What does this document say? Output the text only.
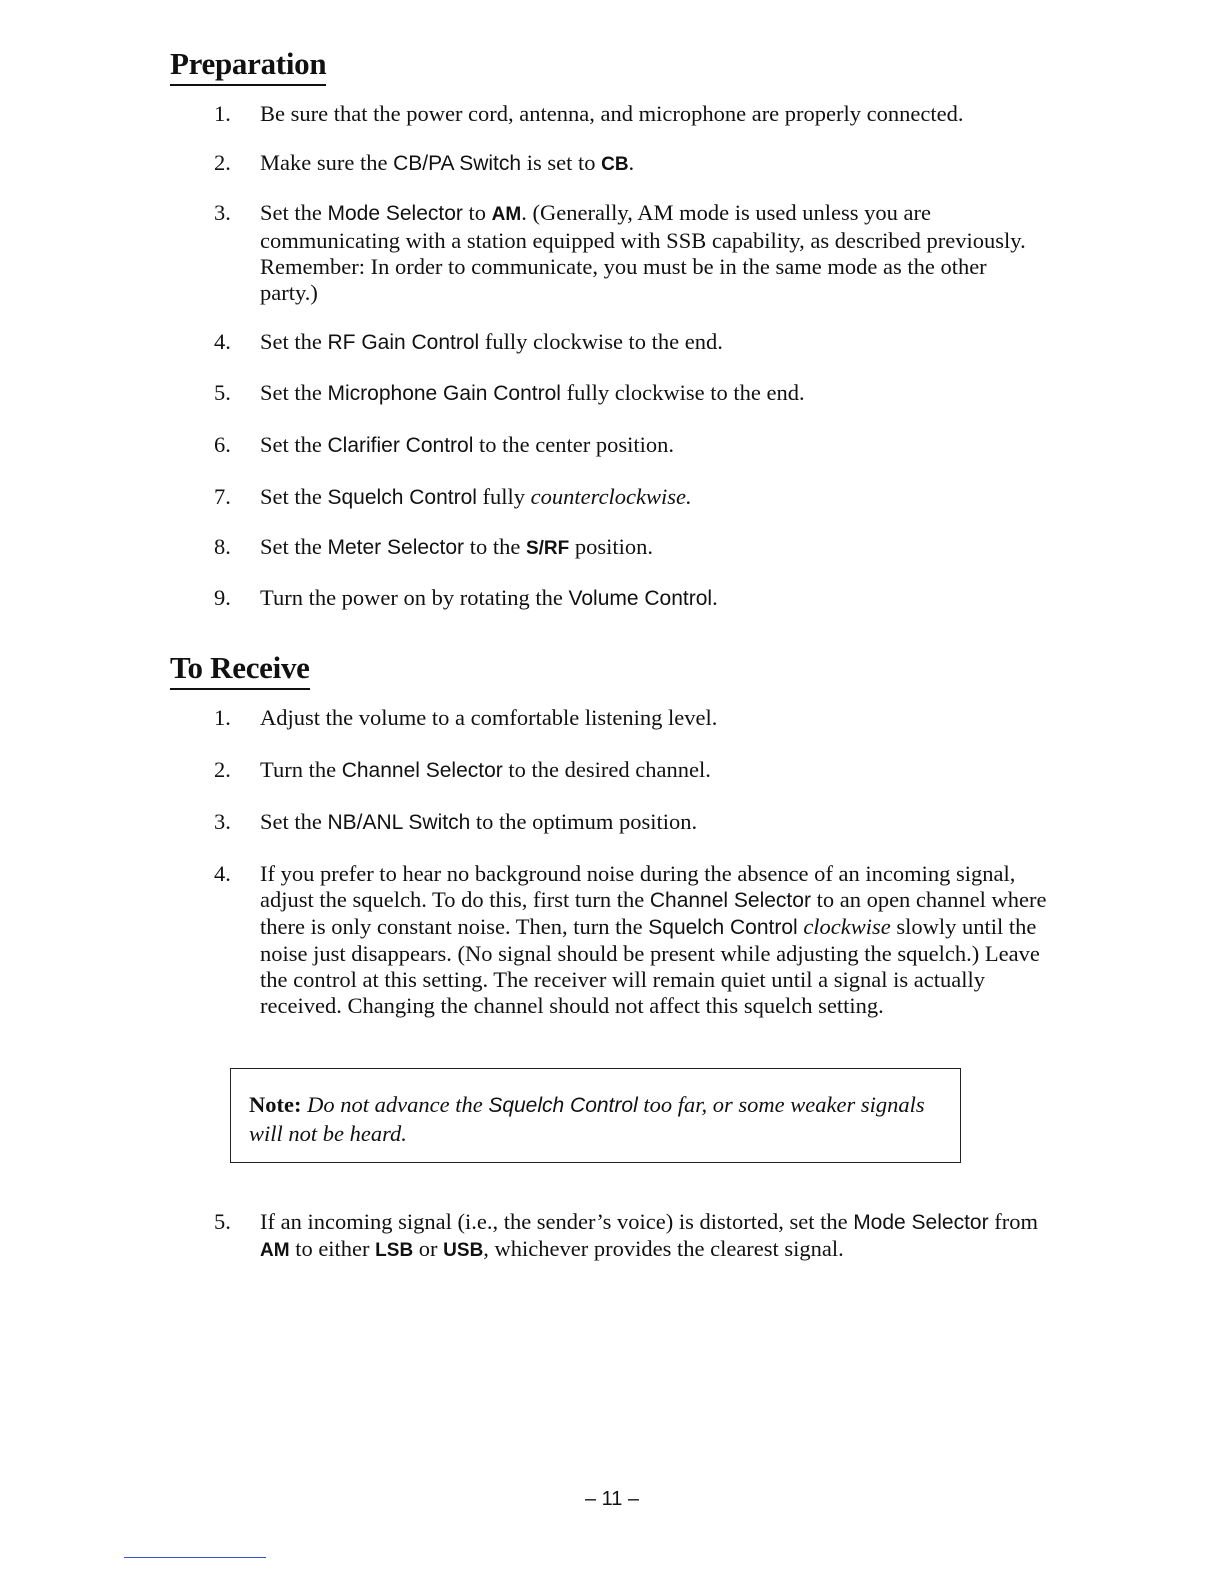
Preparation
1.	Be sure that the power cord, antenna, and microphone are properly connected.
2.	Make sure the CB/PA Switch is set to CB.
3.	Set the Mode Selector to AM. (Generally, AM mode is used unless you are communicating with a station equipped with SSB capability, as described previously. Remember: In order to communicate, you must be in the same mode as the other party.)
4.	Set the RF Gain Control fully clockwise to the end.
5.	Set the Microphone Gain Control fully clockwise to the end.
6.	Set the Clarifier Control to the center position.
7.	Set the Squelch Control fully counterclockwise.
8.	Set the Meter Selector to the S/RF position.
9.	Turn the power on by rotating the Volume Control.
To Receive
1.	Adjust the volume to a comfortable listening level.
2.	Turn the Channel Selector to the desired channel.
3.	Set the NB/ANL Switch to the optimum position.
4.	If you prefer to hear no background noise during the absence of an incoming signal, adjust the squelch. To do this, first turn the Channel Selector to an open channel where there is only constant noise. Then, turn the Squelch Control clockwise slowly until the noise just disappears. (No signal should be present while adjusting the squelch.) Leave the control at this setting. The receiver will remain quiet until a signal is actually received. Changing the channel should not affect this squelch setting.
Note: Do not advance the Squelch Control too far, or some weaker signals will not be heard.
5.	If an incoming signal (i.e., the sender’s voice) is distorted, set the Mode Selector from AM to either LSB or USB, whichever provides the clearest signal.
– 11 –
